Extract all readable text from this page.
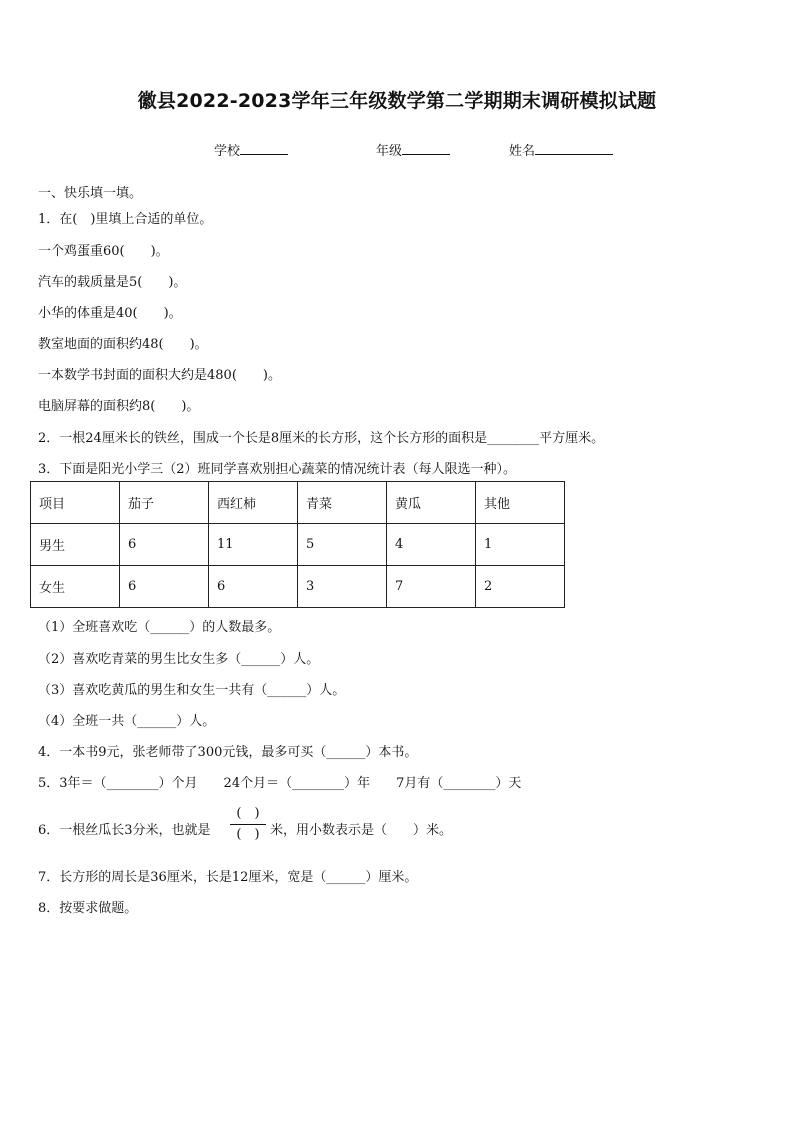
徽县2022-2023学年三年级数学第二学期期末调研模拟试题
学校	年级	姓名
一、快乐填一填。
1．在(　)里填上合适的单位。
一个鸡蛋重60(　　)。
汽车的载质量是5(　　)。
小华的体重是40(　　)。
教室地面的面积约48(　　)。
一本数学书封面的面积大约是480(　　)。
电脑屏幕的面积约8(　　)。
2．一根24厘米长的铁丝，围成一个长是8厘米的长方形，这个长方形的面积是________平方厘米。
3．下面是阳光小学三（2）班同学喜欢别担心蔬菜的情况统计表（每人限选一种）。
项目	茄子	西红柿	青菜	黄瓜	其他
男生	6	11	5	4	1
女生	6	6	3	7	2
（1）全班喜欢吃（______）的人数最多。
（2）喜欢吃青菜的男生比女生多（______）人。
（3）喜欢吃黄瓜的男生和女生一共有（______）人。
（4）全班一共（______）人。
4．一本书9元，张老师带了300元钱，最多可买（______）本书。
5．3年＝（________）个月　　24个月＝（________）年　　7月有（________）天
6．一根丝瓜长3分米，也就是
(　)
(　) 米，用小数表示是（　　）米。
7．长方形的周长是36厘米，长是12厘米，宽是（______）厘米。
8．按要求做题。
